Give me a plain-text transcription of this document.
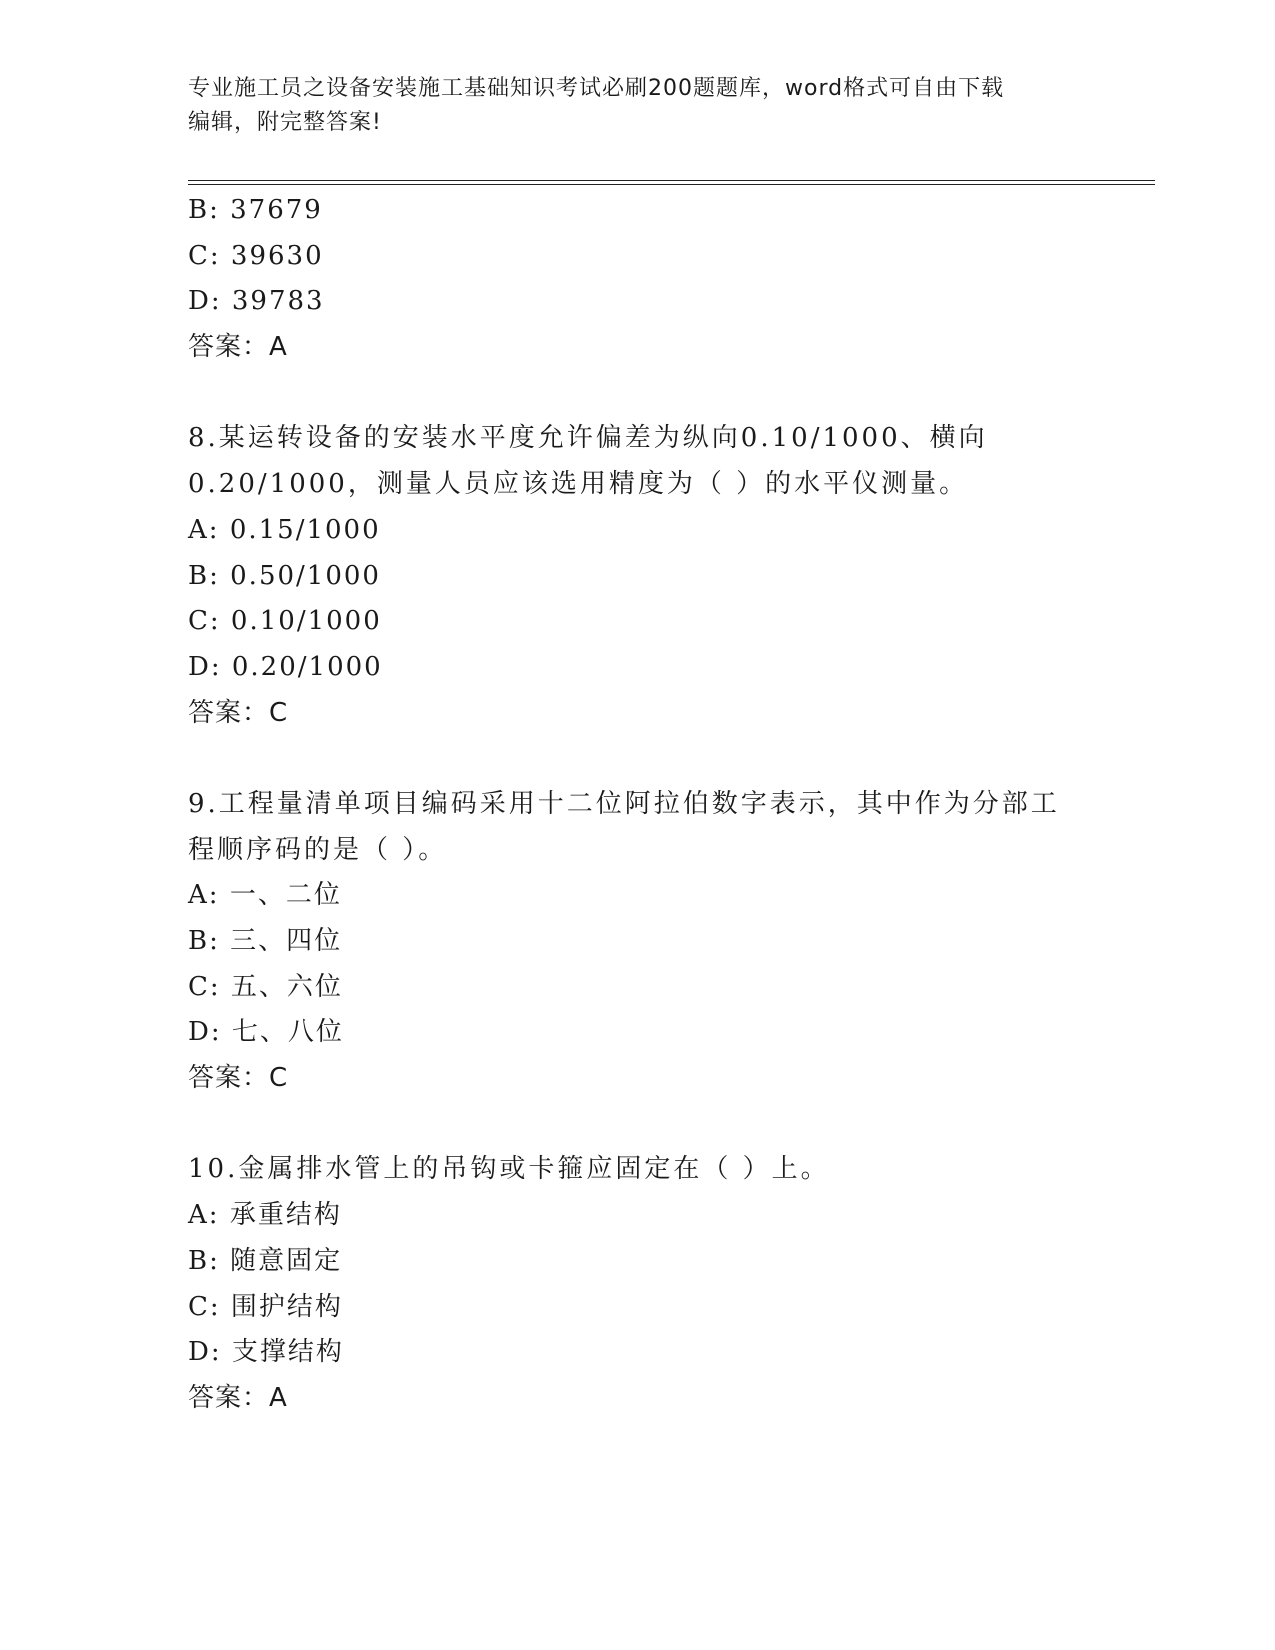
专业施工员之设备安装施工基础知识考试必刷200题题库，word格式可自由下载
编辑，附完整答案!
B: 37679
C: 39630
D: 39783
答案：A
8.某运转设备的安装水平度允许偏差为纵向0.10/1000、横向
0.20/1000，测量人员应该选用精度为（ ）的水平仪测量。
A: 0.15/1000
B: 0.50/1000
C: 0.10/1000
D: 0.20/1000
答案：C
9.工程量清单项目编码采用十二位阿拉伯数字表示，其中作为分部工
程顺序码的是（ ）。
A: 一、二位
B: 三、四位
C: 五、六位
D: 七、八位
答案：C
10.金属排水管上的吊钩或卡箍应固定在（ ）上。
A: 承重结构
B: 随意固定
C: 围护结构
D: 支撑结构
答案：A
